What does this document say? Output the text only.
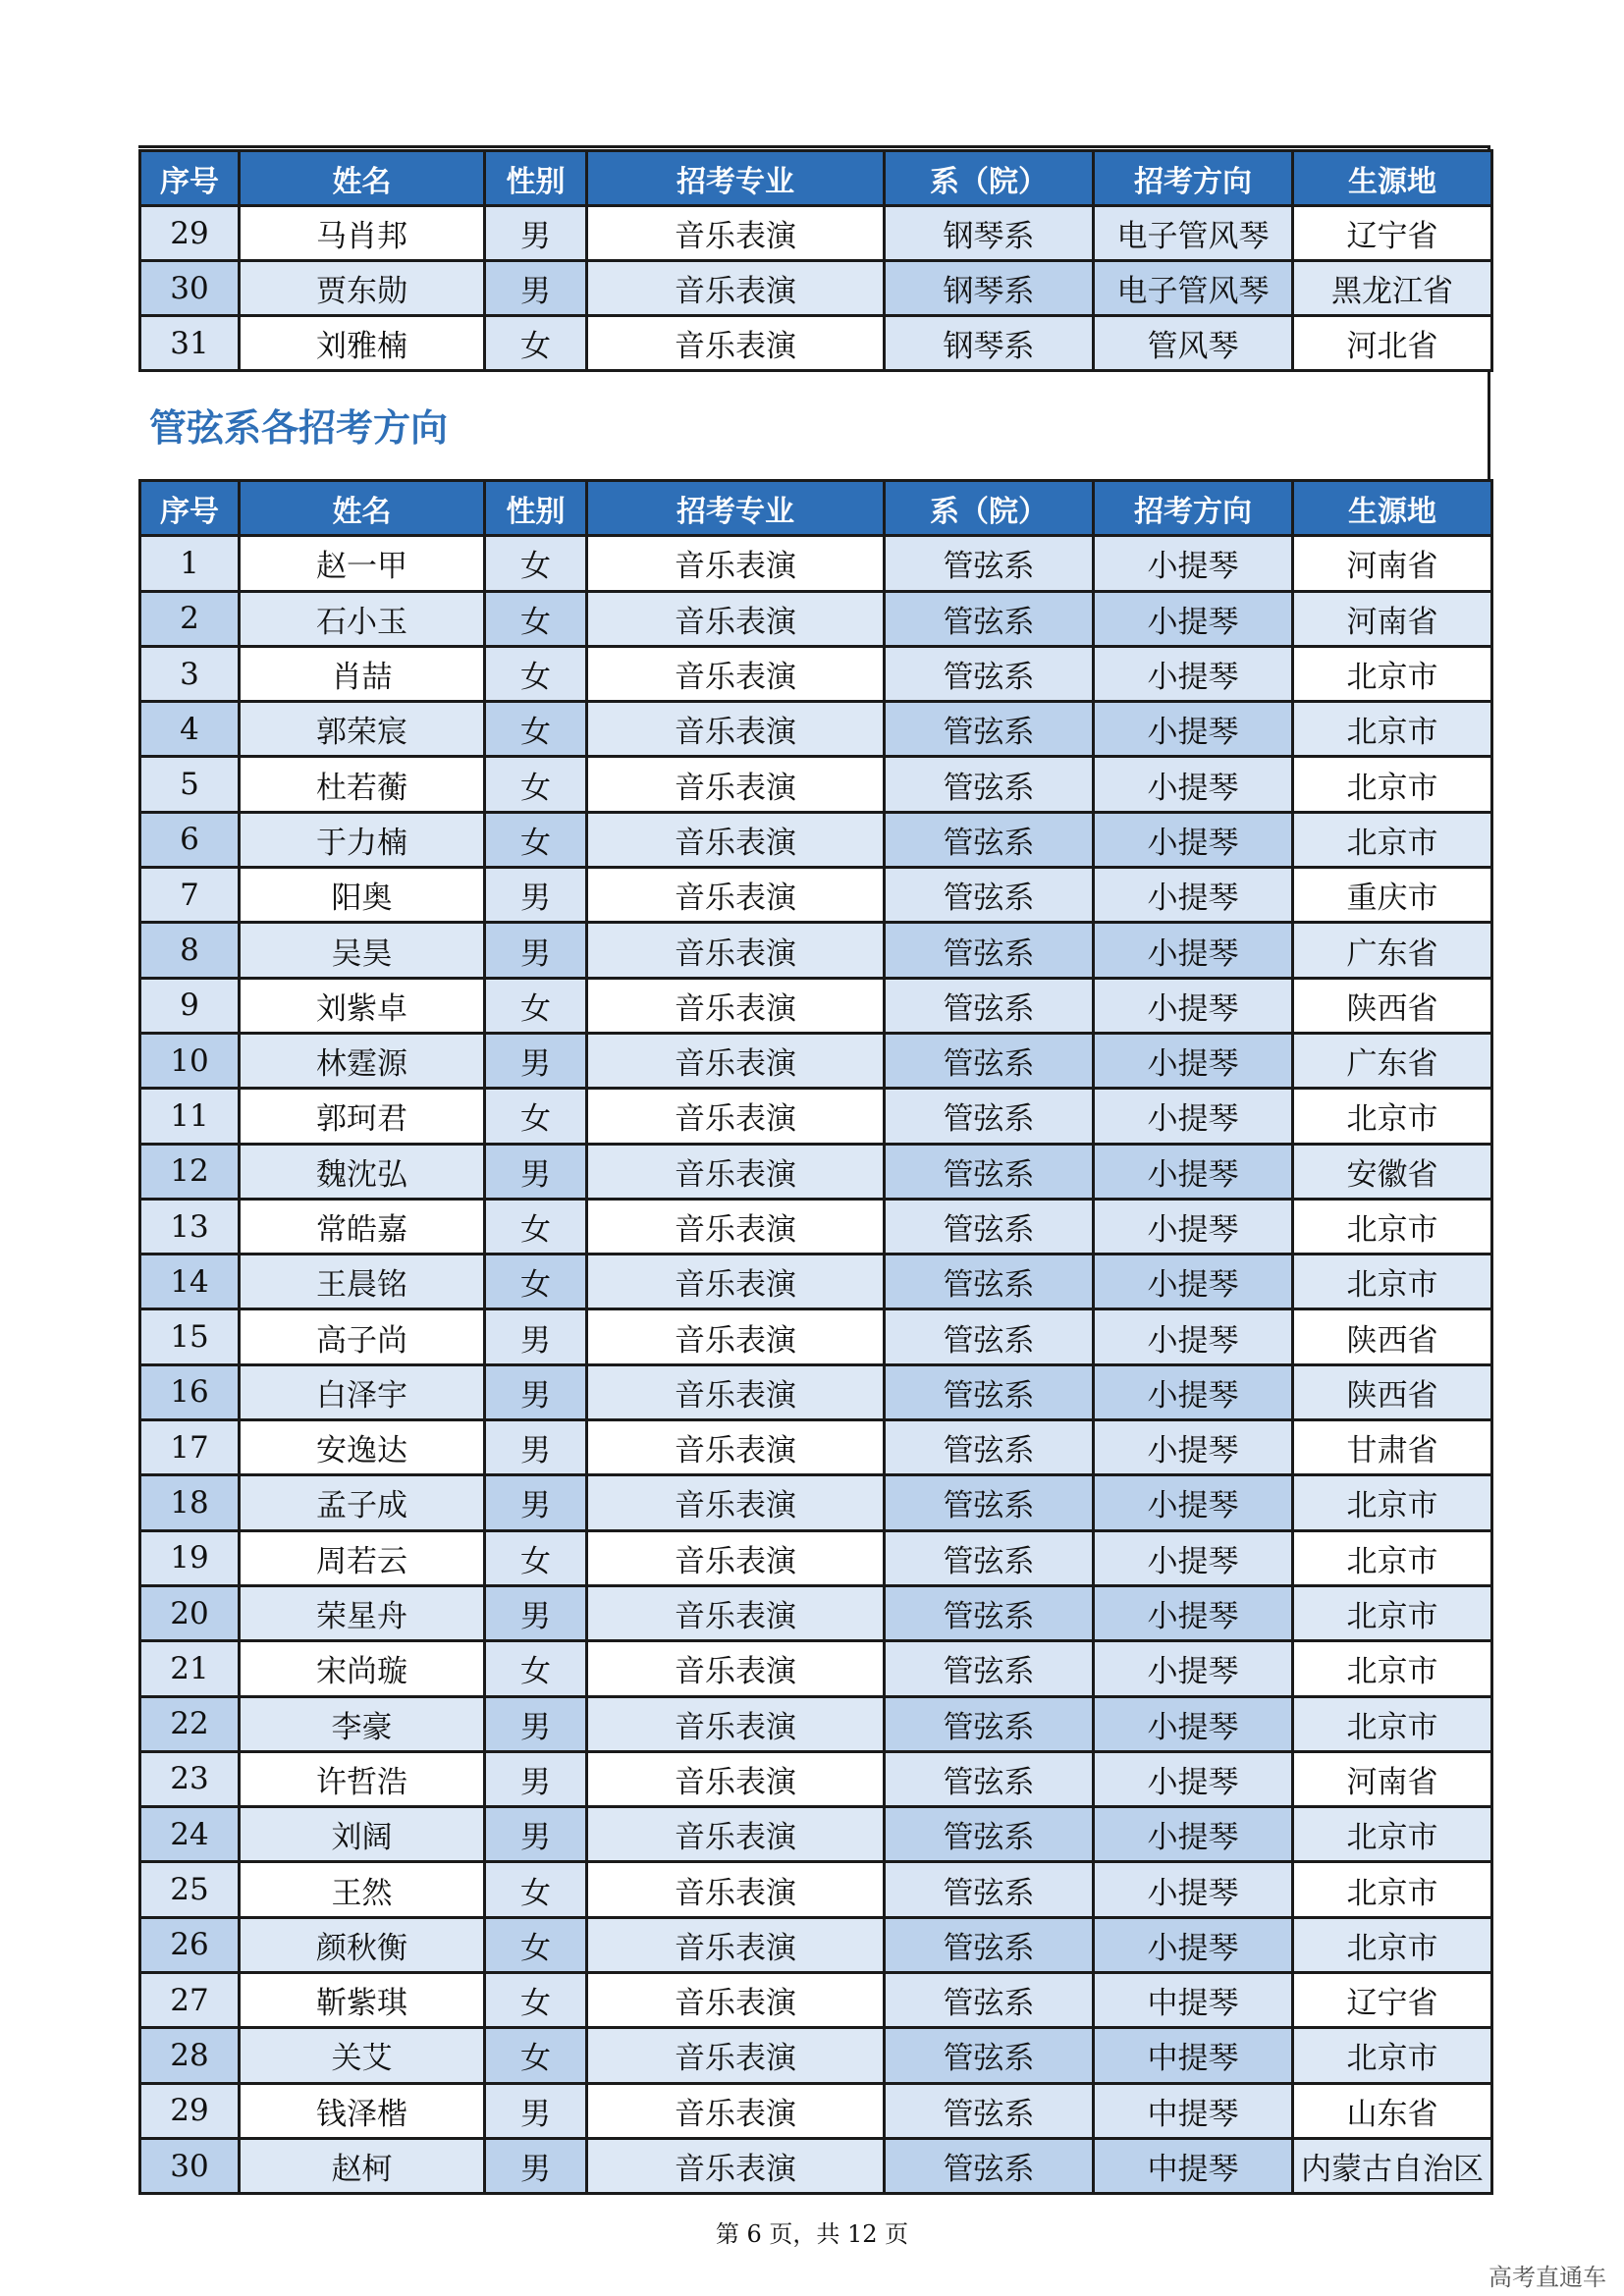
序号	姓名	性别	招考专业	系（院）	招考方向	生源地
29	马肖邦	男	音乐表演	钢琴系	电子管风琴	辽宁省
30	贾东勋	男	音乐表演	钢琴系	电子管风琴	黑龙江省
31	刘雅楠	女	音乐表演	钢琴系	管风琴	河北省
管弦系各招考方向
序号	姓名	性别	招考专业	系（院）	招考方向	生源地
1	赵一甲	女	音乐表演	管弦系	小提琴	河南省
2	石小玉	女	音乐表演	管弦系	小提琴	河南省
3	肖喆	女	音乐表演	管弦系	小提琴	北京市
4	郭荣宸	女	音乐表演	管弦系	小提琴	北京市
5	杜若蘅	女	音乐表演	管弦系	小提琴	北京市
6	于力楠	女	音乐表演	管弦系	小提琴	北京市
7	阳奥	男	音乐表演	管弦系	小提琴	重庆市
8	吴昊	男	音乐表演	管弦系	小提琴	广东省
9	刘紫卓	女	音乐表演	管弦系	小提琴	陕西省
10	林霆源	男	音乐表演	管弦系	小提琴	广东省
11	郭珂君	女	音乐表演	管弦系	小提琴	北京市
12	魏沈弘	男	音乐表演	管弦系	小提琴	安徽省
13	常皓嘉	女	音乐表演	管弦系	小提琴	北京市
14	王晨铭	女	音乐表演	管弦系	小提琴	北京市
15	高子尚	男	音乐表演	管弦系	小提琴	陕西省
16	白泽宇	男	音乐表演	管弦系	小提琴	陕西省
17	安逸达	男	音乐表演	管弦系	小提琴	甘肃省
18	孟子成	男	音乐表演	管弦系	小提琴	北京市
19	周若云	女	音乐表演	管弦系	小提琴	北京市
20	荣星舟	男	音乐表演	管弦系	小提琴	北京市
21	宋尚璇	女	音乐表演	管弦系	小提琴	北京市
22	李豪	男	音乐表演	管弦系	小提琴	北京市
23	许哲浩	男	音乐表演	管弦系	小提琴	河南省
24	刘阔	男	音乐表演	管弦系	小提琴	北京市
25	王然	女	音乐表演	管弦系	小提琴	北京市
26	颜秋衡	女	音乐表演	管弦系	小提琴	北京市
27	靳紫琪	女	音乐表演	管弦系	中提琴	辽宁省
28	关艾	女	音乐表演	管弦系	中提琴	北京市
29	钱泽楷	男	音乐表演	管弦系	中提琴	山东省
30	赵柯	男	音乐表演	管弦系	中提琴	内蒙古自治区
第 6 页，共 12 页
高考直通车
